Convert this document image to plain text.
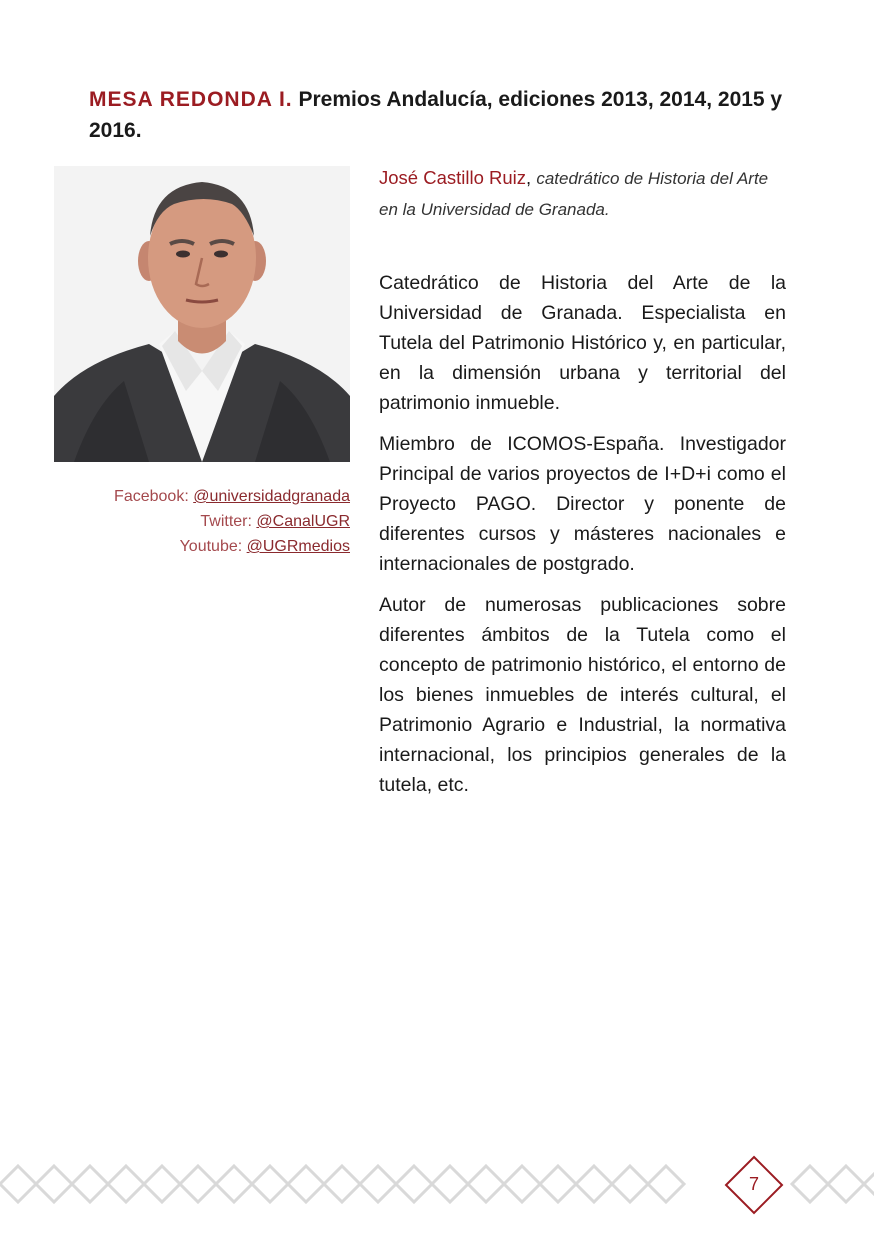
MESA REDONDA I. Premios Andalucía, ediciones 2013, 2014, 2015 y 2016.
Facebook: @universidadgranada
Twitter: @CanalUGR
Youtube: @UGRmedios

José Castillo Ruiz, catedrático de Historia del Arte en la Universidad de Granada.

Catedrático de Historia del Arte de la Universidad de Granada. Especialista en Tutela del Patrimonio Histórico y, en particular, en la dimensión urbana y territorial del patrimonio inmueble.

Miembro de ICOMOS-España. Investigador Principal de varios proyectos de I+D+i como el Proyecto PAGO. Director y ponente de diferentes cursos y másteres nacionales e internacionales de postgrado.

Autor de numerosas publicaciones sobre diferentes ámbitos de la Tutela como el concepto de patrimonio histórico, el entorno de los bienes inmuebles de interés cultural, el Patrimonio Agrario e Industrial, la normativa internacional, los principios generales de la tutela, etc.

7
